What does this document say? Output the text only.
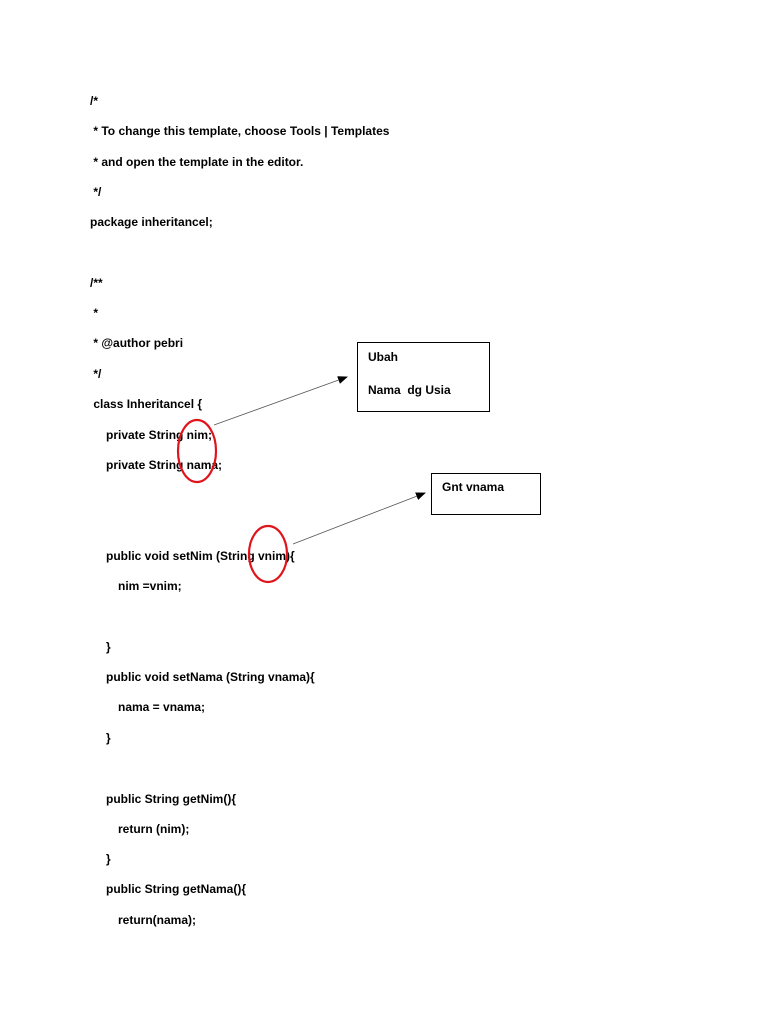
/*
* To change this template, choose Tools | Templates
* and open the template in the editor.
*/
package inheritancel;
/**
*
* @author pebri
*/
class Inheritancel {
private String nim;
private String nama;
public void setNim (String vnim){
nim =vnim;
}
public void setNama (String vnama){
nama = vnama;
}
public String getNim(){
return (nim);
}
public String getNama(){
return(nama);
Ubah
Nama  dg Usia
Gnt vnama
